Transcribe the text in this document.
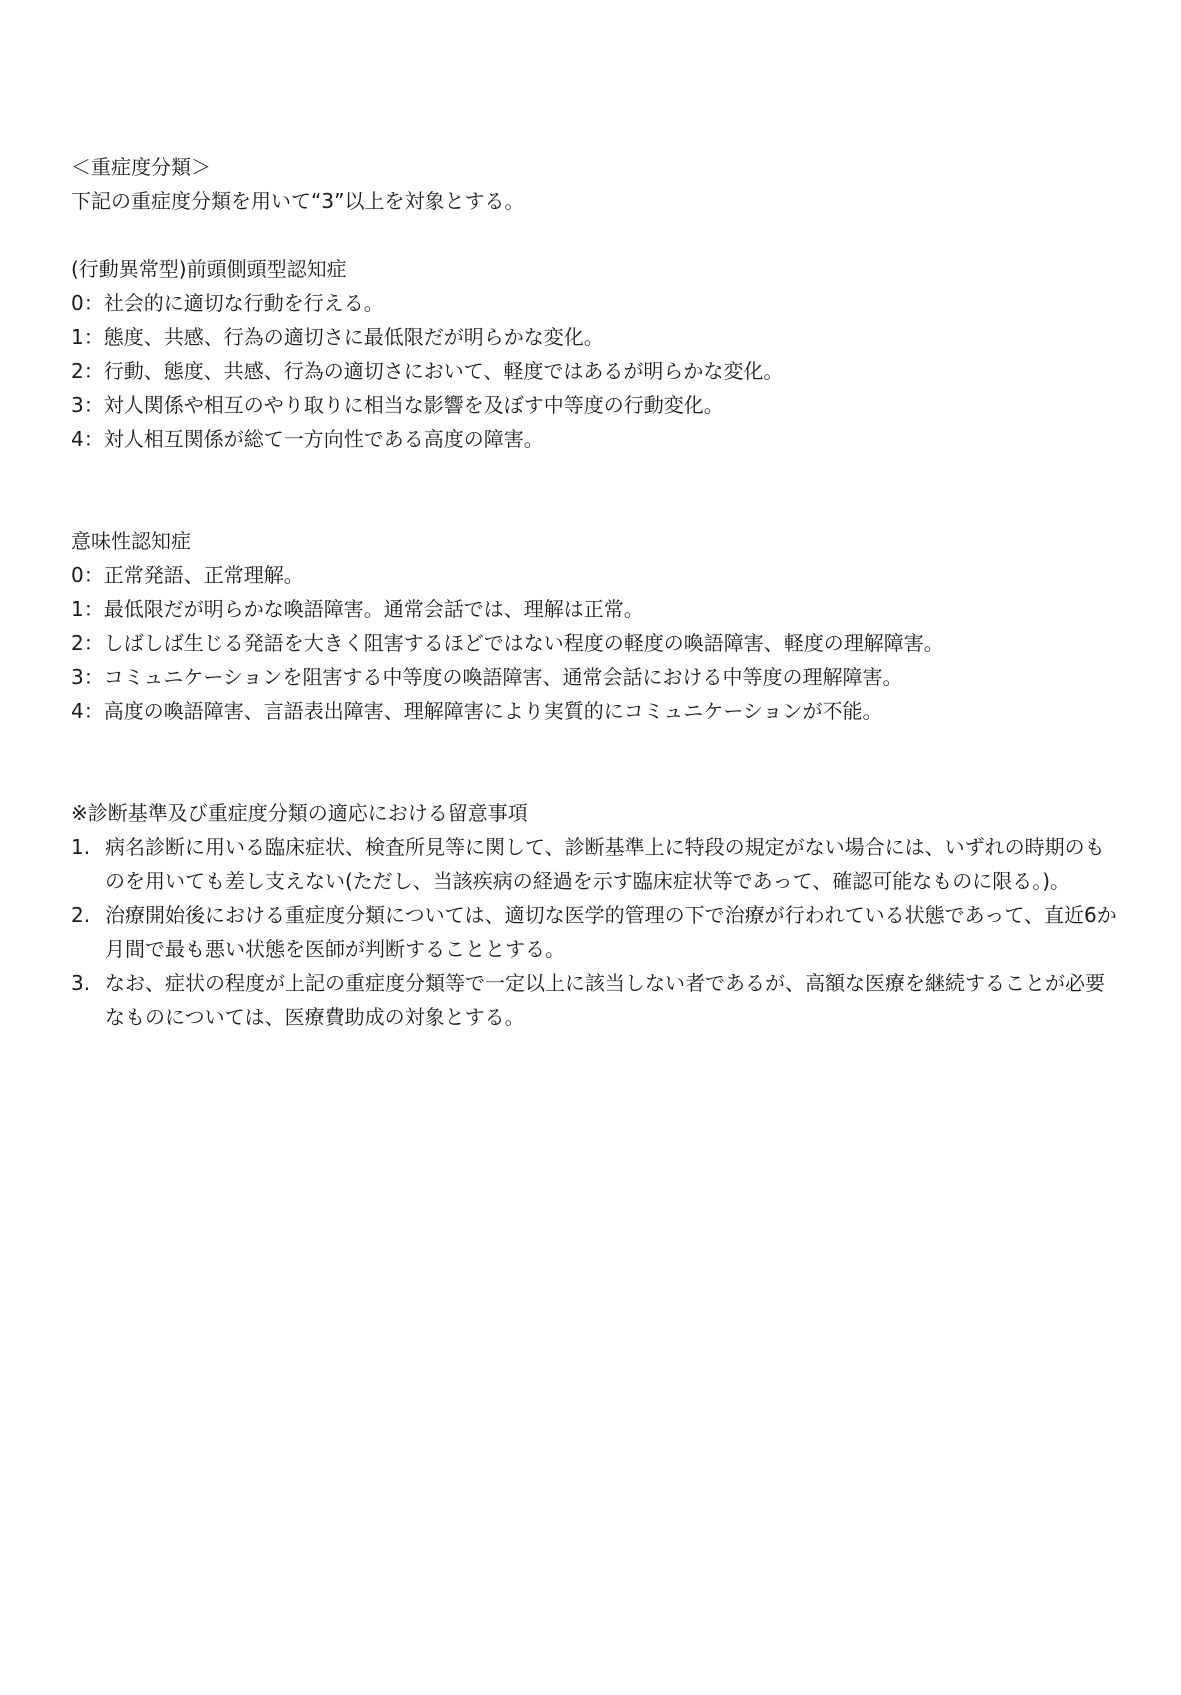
＜重症度分類＞
下記の重症度分類を用いて“3”以上を対象とする。
(行動異常型)前頭側頭型認知症
0：社会的に適切な行動を行える。
1：態度、共感、行為の適切さに最低限だが明らかな変化。
2：行動、態度、共感、行為の適切さにおいて、軽度ではあるが明らかな変化。
3：対人関係や相互のやり取りに相当な影響を及ぼす中等度の行動変化。
4：対人相互関係が総て一方向性である高度の障害。
意味性認知症
0：正常発語、正常理解。
1：最低限だが明らかな喚語障害。通常会話では、理解は正常。
2：しばしば生じる発語を大きく阻害するほどではない程度の軽度の喚語障害、軽度の理解障害。
3：コミュニケーションを阻害する中等度の喚語障害、通常会話における中等度の理解障害。
4：高度の喚語障害、言語表出障害、理解障害により実質的にコミュニケーションが不能。
※診断基準及び重症度分類の適応における留意事項
1. 病名診断に用いる臨床症状、検査所見等に関して、診断基準上に特段の規定がない場合には、いずれの時期のものを用いても差し支えない(ただし、当該疾病の経過を示す臨床症状等であって、確認可能なものに限る。)。
2. 治療開始後における重症度分類については、適切な医学的管理の下で治療が行われている状態であって、直近6か月間で最も悪い状態を医師が判断することとする。
3. なお、症状の程度が上記の重症度分類等で一定以上に該当しない者であるが、高額な医療を継続することが必要なものについては、医療費助成の対象とする。
